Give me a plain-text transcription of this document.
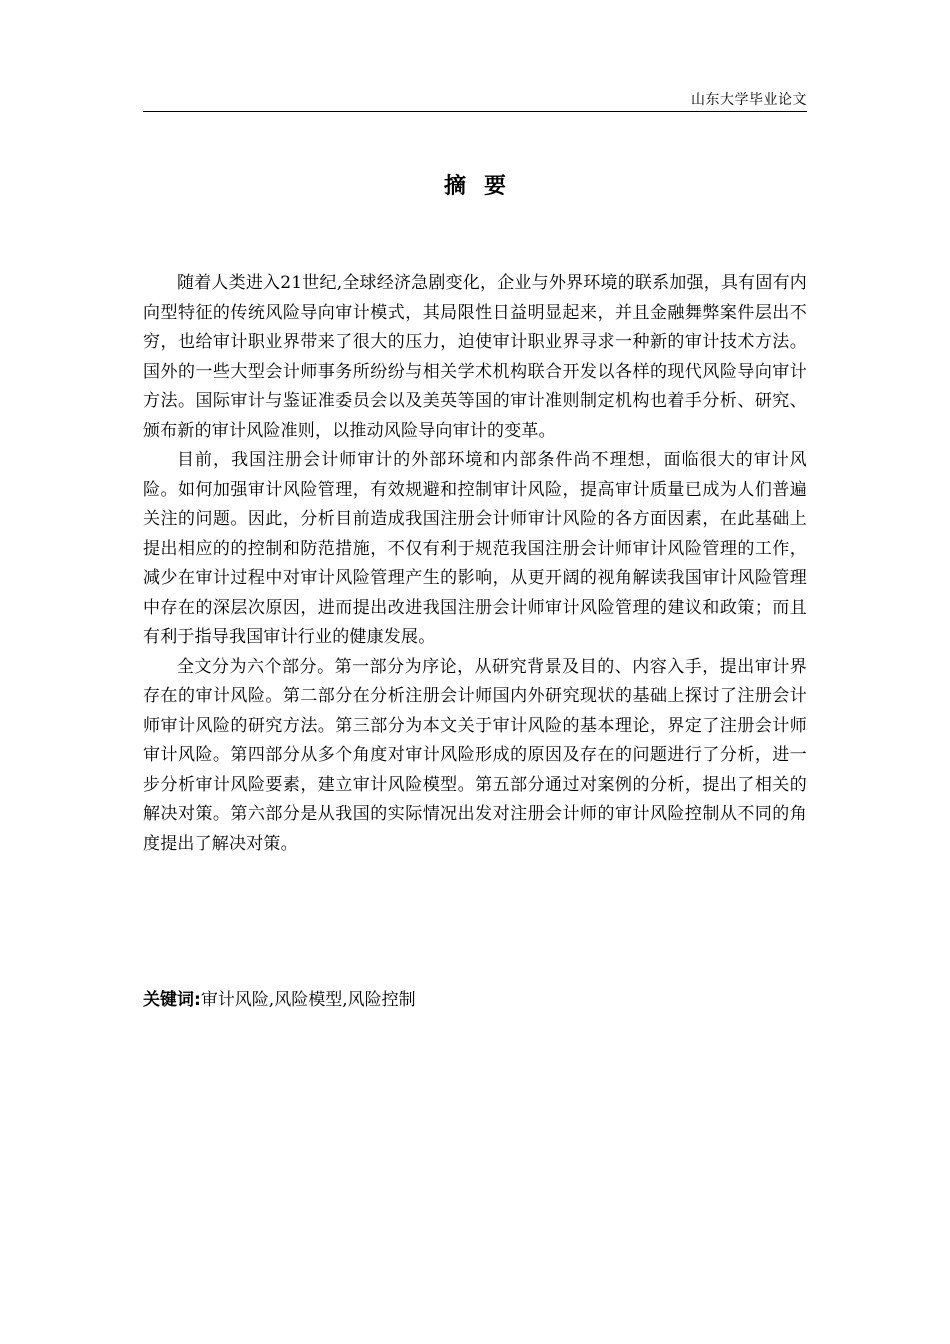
山东大学毕业论文
摘要

随着人类进入21世纪,全球经济急剧变化，企业与外界环境的联系加强，具有固有内向型特征的传统风险导向审计模式，其局限性日益明显起来，并且金融舞弊案件层出不穷，也给审计职业界带来了很大的压力，迫使审计职业界寻求一种新的审计技术方法。国外的一些大型会计师事务所纷纷与相关学术机构联合开发以各样的现代风险导向审计方法。国际审计与鉴证准委员会以及美英等国的审计准则制定机构也着手分析、研究、颁布新的审计风险准则，以推动风险导向审计的变革。

目前，我国注册会计师审计的外部环境和内部条件尚不理想，面临很大的审计风险。如何加强审计风险管理，有效规避和控制审计风险，提高审计质量已成为人们普遍关注的问题。因此，分析目前造成我国注册会计师审计风险的各方面因素，在此基础上提出相应的的控制和防范措施，不仅有利于规范我国注册会计师审计风险管理的工作，减少在审计过程中对审计风险管理产生的影响，从更开阔的视角解读我国审计风险管理中存在的深层次原因，进而提出改进我国注册会计师审计风险管理的建议和政策；而且有利于指导我国审计行业的健康发展。

全文分为六个部分。第一部分为序论，从研究背景及目的、内容入手，提出审计界存在的审计风险。第二部分在分析注册会计师国内外研究现状的基础上探讨了注册会计师审计风险的研究方法。第三部分为本文关于审计风险的基本理论，界定了注册会计师审计风险。第四部分从多个角度对审计风险形成的原因及存在的问题进行了分析，进一步分析审计风险要素，建立审计风险模型。第五部分通过对案例的分析，提出了相关的解决对策。第六部分是从我国的实际情况出发对注册会计师的审计风险控制从不同的角度提出了解决对策。

关键词:审计风险,风险模型,风险控制
